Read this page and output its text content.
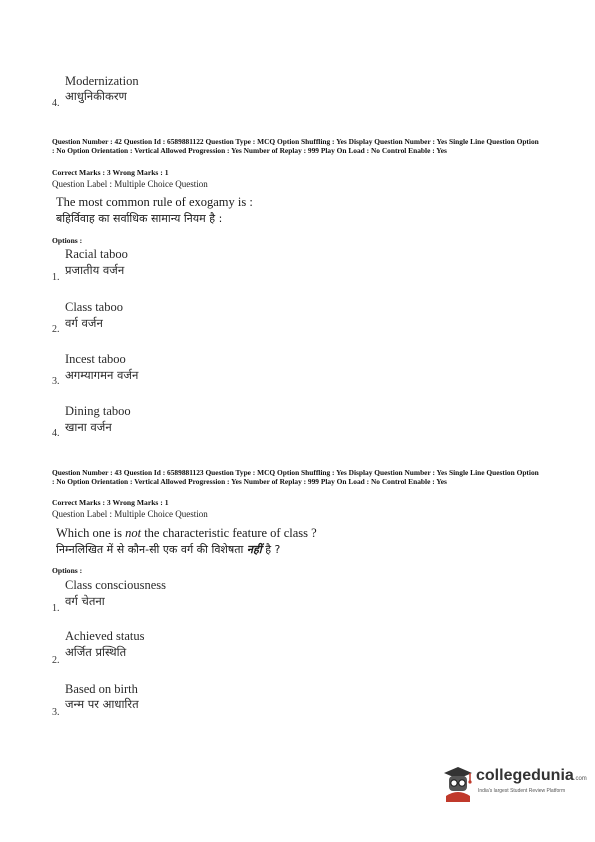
Modernization
आधुनिकीकरण
4.
Question Number : 42 Question Id : 6589881122 Question Type : MCQ Option Shuffling : Yes Display Question Number : Yes Single Line Question Option : No Option Orientation : Vertical Allowed Progression : Yes Number of Replay : 999 Play On Load : No Control Enable : Yes
Correct Marks : 3 Wrong Marks : 1
Question Label : Multiple Choice Question
The most common rule of exogamy is :
बहिर्विवाह का सर्वाधिक सामान्य नियम है :
Options :
Racial taboo
प्रजातीय वर्जन
1.
Class taboo
वर्ग वर्जन
2.
Incest taboo
अगम्यागमन वर्जन
3.
Dining taboo
खाना वर्जन
4.
Question Number : 43 Question Id : 6589881123 Question Type : MCQ Option Shuffling : Yes Display Question Number : Yes Single Line Question Option : No Option Orientation : Vertical Allowed Progression : Yes Number of Replay : 999 Play On Load : No Control Enable : Yes
Correct Marks : 3 Wrong Marks : 1
Question Label : Multiple Choice Question
Which one is not the characteristic feature of class ?
निम्नलिखित में से कौन-सी एक वर्ग की विशेषता नहीं है ?
Options :
Class consciousness
वर्ग चेतना
1.
Achieved status
अर्जित प्रस्थिति
2.
Based on birth
जन्म पर आधारित
3.
collegedunia.com
India's largest Student Review Platform
